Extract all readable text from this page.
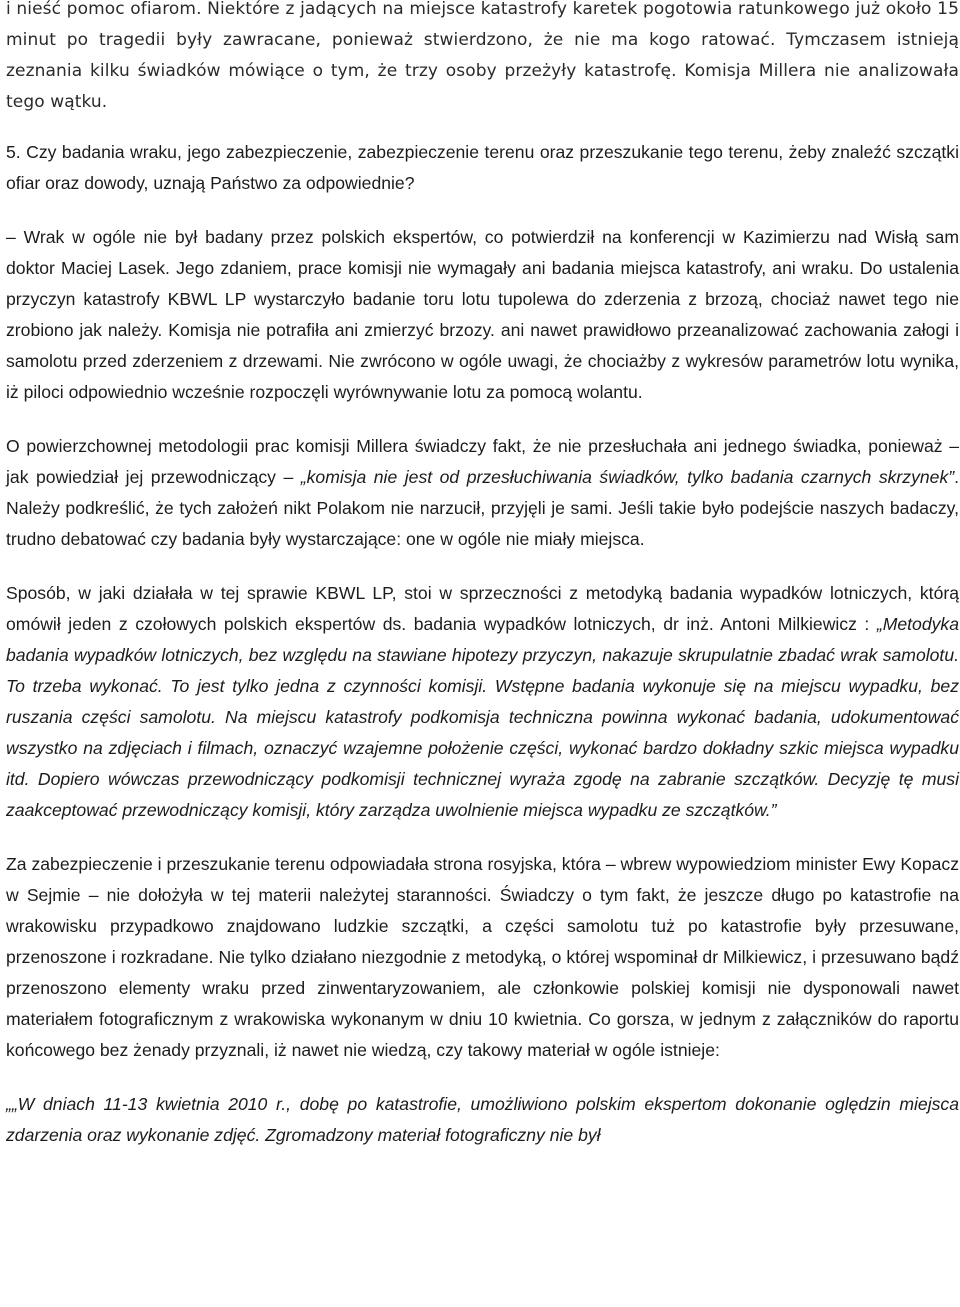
i nieść pomoc ofiarom. Niektóre z jadących na miejsce katastrofy karetek pogotowia ratunkowego już około 15 minut po tragedii były zawracane, ponieważ stwierdzono, że nie ma kogo ratować. Tymczasem istnieją zeznania kilku świadków mówiące o tym, że trzy osoby przeżyły katastrofę. Komisja Millera nie analizowała tego wątku.

5. Czy badania wraku, jego zabezpieczenie, zabezpieczenie terenu oraz przeszukanie tego terenu, żeby znaleźć szczątki ofiar oraz dowody, uznają Państwo za odpowiednie?

– Wrak w ogóle nie był badany przez polskich ekspertów, co potwierdził na konferencji w Kazimierzu nad Wisłą sam doktor Maciej Lasek. Jego zdaniem, prace komisji nie wymagały ani badania miejsca katastrofy, ani wraku. Do ustalenia przyczyn katastrofy KBWL LP wystarczyło badanie toru lotu tupolewa do zderzenia z brzozą, chociaż nawet tego nie zrobiono jak należy. Komisja nie potrafiła ani zmierzyć brzozy. ani nawet prawidłowo przeanalizować zachowania załogi i samolotu przed zderzeniem z drzewami. Nie zwrócono w ogóle uwagi, że chociażby z wykresów parametrów lotu wynika, iż piloci odpowiednio wcześnie rozpoczęli wyrównywanie lotu za pomocą wolantu.

O powierzchownej metodologii prac komisji Millera świadczy fakt, że nie przesłuchała ani jednego świadka, ponieważ – jak powiedział jej przewodniczący – „komisja nie jest od przesłuchiwania świadków, tylko badania czarnych skrzynek”. Należy podkreślić, że tych założeń nikt Polakom nie narzucił, przyjęli je sami. Jeśli takie było podejście naszych badaczy, trudno debatować czy badania były wystarczające: one w ogóle nie miały miejsca.

Sposób, w jaki działała w tej sprawie KBWL LP, stoi w sprzeczności z metodyką badania wypadków lotniczych, którą omówił jeden z czołowych polskich ekspertów ds. badania wypadków lotniczych, dr inż. Antoni Milkiewicz : „Metodyka badania wypadków lotniczych, bez względu na stawiane hipotezy przyczyn, nakazuje skrupulatnie zbadać wrak samolotu. To trzeba wykonać. To jest tylko jedna z czynności komisji. Wstępne badania wykonuje się na miejscu wypadku, bez ruszania części samolotu. Na miejscu katastrofy podkomisja techniczna powinna wykonać badania, udokumentować wszystko na zdjęciach i filmach, oznaczyć wzajemne położenie części, wykonać bardzo dokładny szkic miejsca wypadku itd. Dopiero wówczas przewodniczący podkomisji technicznej wyraża zgodę na zabranie szczątków. Decyzję tę musi zaakceptować przewodniczący komisji, który zarządza uwolnienie miejsca wypadku ze szczątków.”

Za zabezpieczenie i przeszukanie terenu odpowiadała strona rosyjska, która – wbrew wypowiedziom minister Ewy Kopacz w Sejmie – nie dołożyła w tej materii należytej staranności. Świadczy o tym fakt, że jeszcze długo po katastrofie na wrakowisku przypadkowo znajdowano ludzkie szczątki, a części samolotu tuż po katastrofie były przesuwane, przenoszone i rozkradane. Nie tylko działano niezgodnie z metodyką, o której wspominał dr Milkiewicz, i przesuwano bądź przenoszono elementy wraku przed zinwentaryzowaniem, ale członkowie polskiej komisji nie dysponowali nawet materiałem fotograficznym z wrakowiska wykonanym w dniu 10 kwietnia. Co gorsza, w jednym z załączników do raportu końcowego bez żenady przyznali, iż nawet nie wiedzą, czy takowy materiał w ogóle istnieje:

„„W dniach 11-13 kwietnia 2010 r., dobę po katastrofie, umożliwiono polskim ekspertom dokonanie oględzin miejsca zdarzenia oraz wykonanie zdjęć. Zgromadzony materiał fotograficzny nie był
